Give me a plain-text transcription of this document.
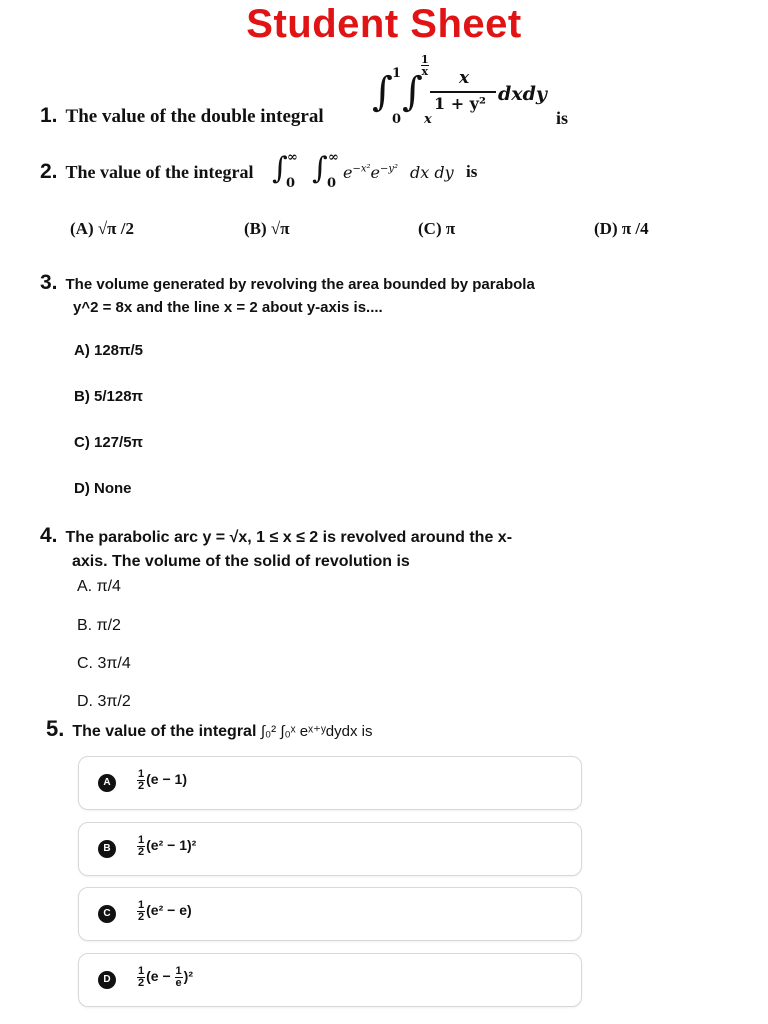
Student Sheet
1. The value of the double integral
∫ 1
0
∫
1
x
x
x
1 + y² dxdy
is
2. The value of the integral ∫ ∞
0 ∫ ∞
0
$e^{-x^2}e^{-y^2}$ dx dy is
(A) √π /2	(B) √π	(C) π	(D) π /4
3. The volume generated by revolving the area bounded by parabola
y^2 = 8x and the line x = 2 about y-axis is....
A) 128π/5
B) 5/128π
C) 127/5π
D) None
4. The parabolic arc y = √x, 1 ≤ x ≤ 2 is revolved around the x-
axis. The volume of the solid of revolution is
A. π/4
B. π/2
C. 3π/4
D. 3π/2
5. The value of the integral ∫₀² ∫₀ˣ eˣ⁺ʸdydx is
A	$\frac{1}{2} (e - 1)$
B	$\frac{1}{2} (e^2 - 1)^2$
C	$\frac{1}{2} (e^2 - e)$
D	$\frac{1}{2} (e - \frac{1}{e} )^2$
